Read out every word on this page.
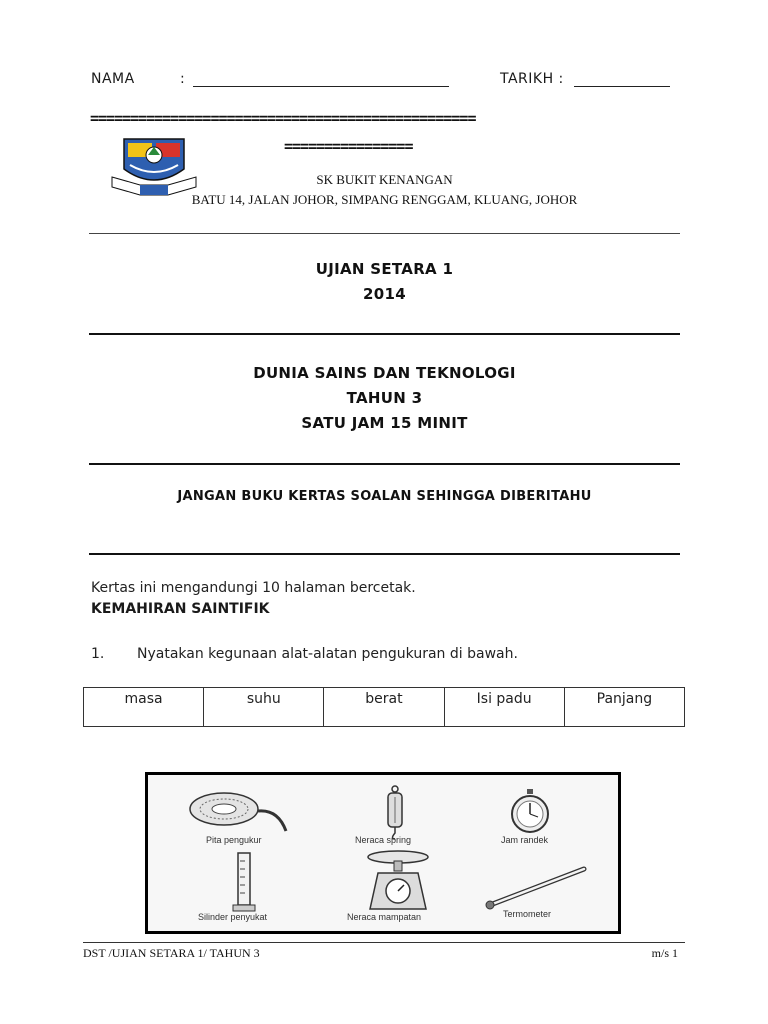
NAMA	:	TARIKH :
================================================
================
SK BUKIT KENANGAN
BATU 14, JALAN JOHOR, SIMPANG RENGGAM, KLUANG, JOHOR
UJIAN SETARA 1
2014
DUNIA SAINS DAN TEKNOLOGI
TAHUN 3
SATU JAM 15 MINIT
JANGAN BUKU KERTAS SOALAN SEHINGGA DIBERITAHU
Kertas ini mengandungi 10 halaman bercetak.
KEMAHIRAN SAINTIFIK
1. Nyatakan kegunaan alat-alatan pengukuran di bawah.
masa	suhu	berat	Isi padu	Panjang
Pita pengukur	Neraca spring	Jam randek
Silinder penyukat	Neraca mampatan	Termometer
DST /UJIAN SETARA 1/ TAHUN 3	m/s 1
